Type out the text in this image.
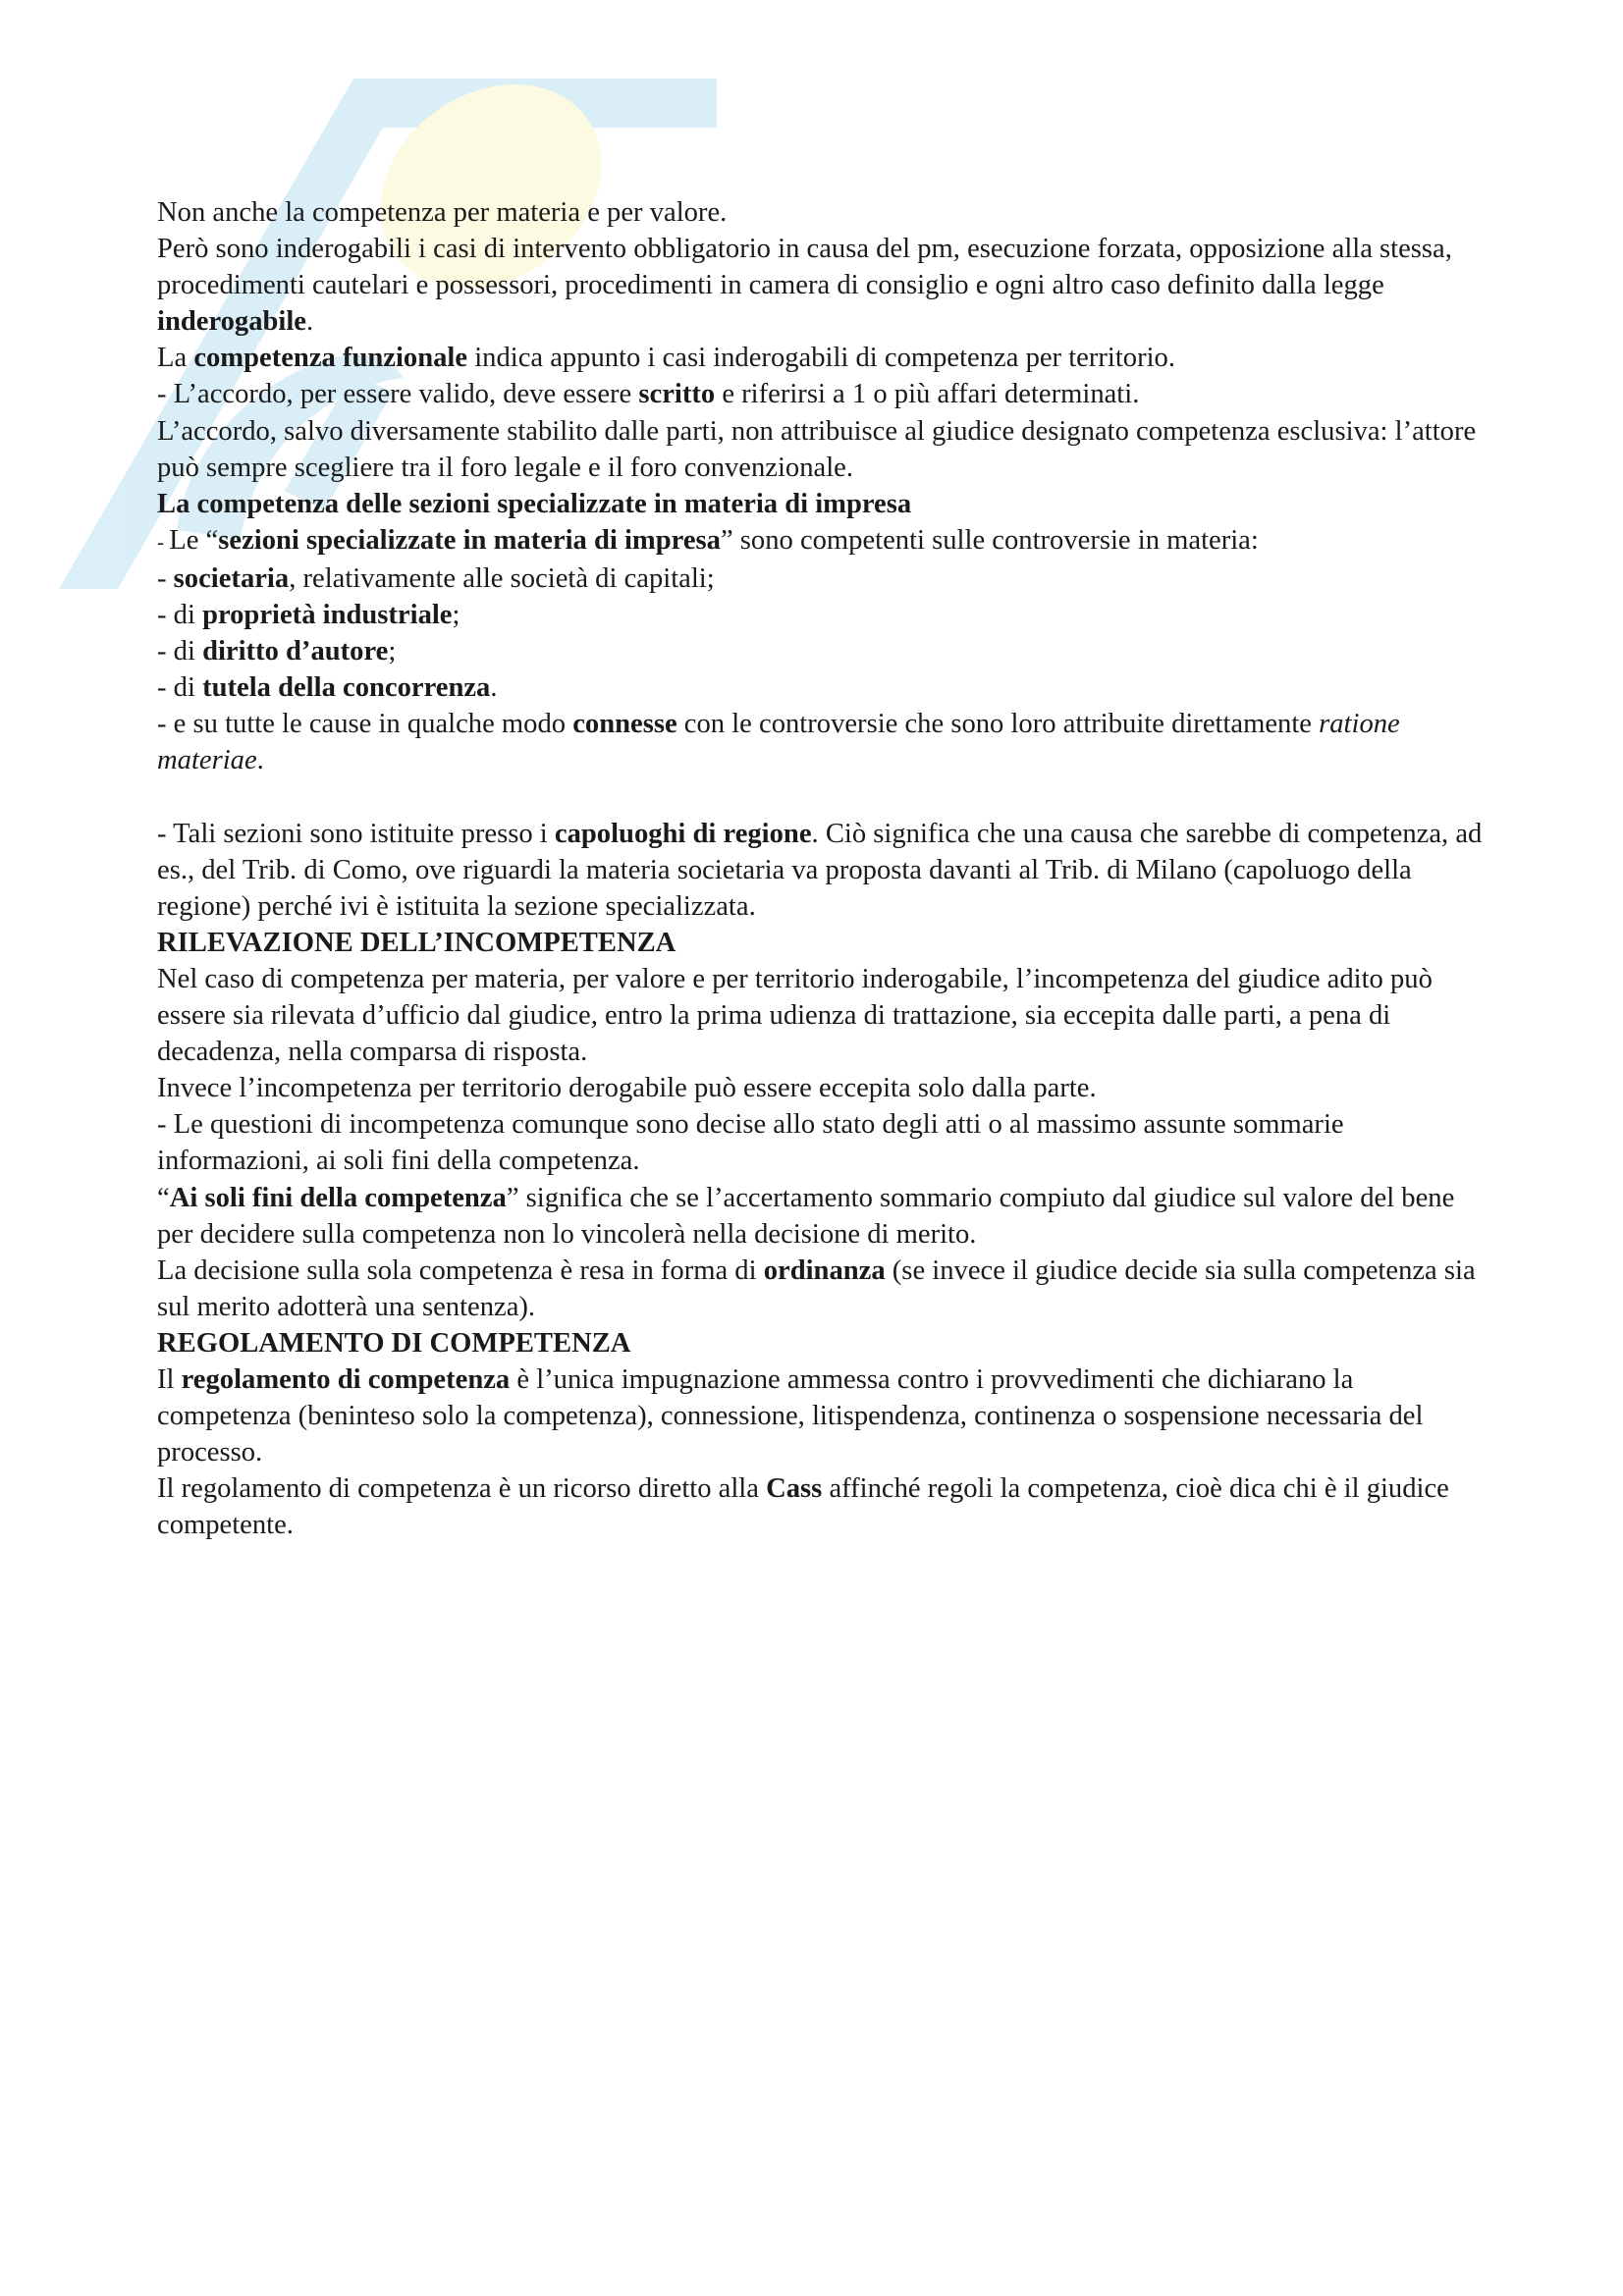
Non anche la competenza per materia e per valore.

Però sono inderogabili i casi di intervento obbligatorio in causa del pm, esecuzione forzata, opposizione alla stessa, procedimenti cautelari e possessori, procedimenti in camera di consiglio e ogni altro caso definito dalla legge inderogabile.

La competenza funzionale indica appunto i casi inderogabili di competenza per territorio.

- L’accordo, per essere valido, deve essere scritto e riferirsi a 1 o più affari determinati.

L’accordo, salvo diversamente stabilito dalle parti, non attribuisce al giudice designato competenza esclusiva: l’attore può sempre scegliere tra il foro legale e il foro convenzionale.

La competenza delle sezioni specializzate in materia di impresa

- Le “sezioni specializzate in materia di impresa” sono competenti sulle controversie in materia:

- societaria, relativamente alle società di capitali;

- di proprietà industriale;

- di diritto d’autore;

- di tutela della concorrenza.

- e su tutte le cause in qualche modo connesse con le controversie che sono loro attribuite direttamente ratione materiae.

- Tali sezioni sono istituite presso i capoluoghi di regione. Ciò significa che una causa che sarebbe di competenza, ad es., del Trib. di Como, ove riguardi la materia societaria va proposta davanti al Trib. di Milano (capoluogo della regione) perché ivi è istituita la sezione specializzata.

RILEVAZIONE DELL’INCOMPETENZA

Nel caso di competenza per materia, per valore e per territorio inderogabile, l’incompetenza del giudice adito può essere sia rilevata d’ufficio dal giudice, entro la prima udienza di trattazione, sia eccepita dalle parti, a pena di decadenza, nella comparsa di risposta.

Invece l’incompetenza per territorio derogabile può essere eccepita solo dalla parte.

- Le questioni di incompetenza comunque sono decise allo stato degli atti o al massimo assunte sommarie informazioni, ai soli fini della competenza.

“Ai soli fini della competenza” significa che se l’accertamento sommario compiuto dal giudice sul valore del bene per decidere sulla competenza non lo vincolerà nella decisione di merito.

La decisione sulla sola competenza è resa in forma di ordinanza (se invece il giudice decide sia sulla competenza sia sul merito adotterà una sentenza).

REGOLAMENTO DI COMPETENZA

Il regolamento di competenza è l’unica impugnazione ammessa contro i provvedimenti che dichiarano la competenza (beninteso solo la competenza), connessione, litispendenza, continenza o sospensione necessaria del processo.

Il regolamento di competenza è un ricorso diretto alla Cass affinché regoli la competenza, cioè dica chi è il giudice competente.
